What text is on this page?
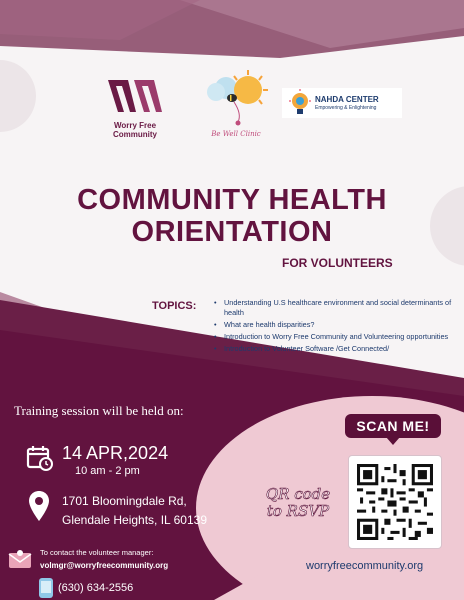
Worry Free
Community	Be Well Clinic
NAHDA CENTER
Empowering & Enlightening
COMMUNITY HEALTH
ORIENTATION
FOR VOLUNTEERS
TOPICS:
•	Understanding U.S healthcare environment and social determinants of health
• What are health disparities?
• Introduction to Worry Free Community and Volunteering opportunities
• Introduction to Volunteer Software /Get Connected/
Training session will be held on:
14 APR,2024
10 am - 2 pm
1701 Bloomingdale Rd,
Glendale Heights, IL 60139
To contact the volunteer manager:
volmgr@worryfreecommunity.org
(630) 634-2556
SCAN ME!
QR code
to RSVP
worryfreecommunity.org
